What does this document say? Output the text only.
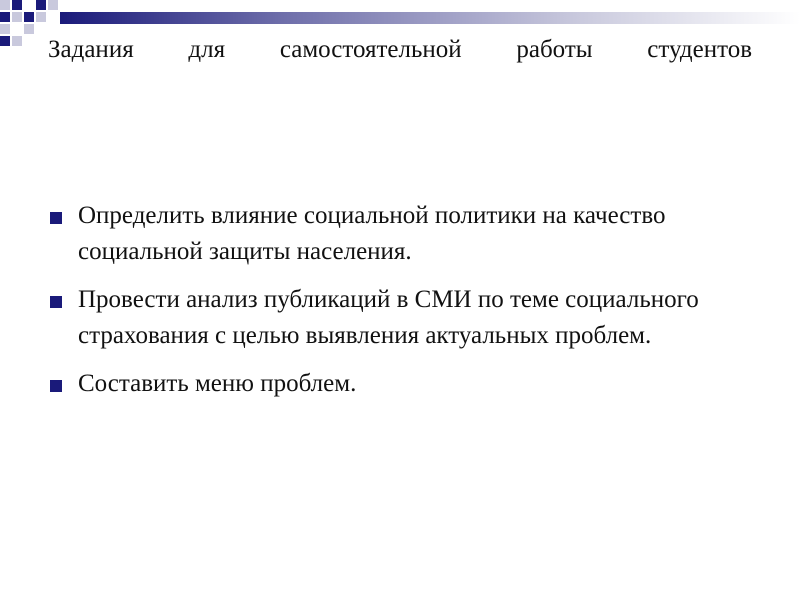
Задания для самостоятельной работы студентов
Определить влияние социальной политики на качество социальной защиты населения.
Провести анализ публикаций в СМИ по теме социального страхования с целью выявления актуальных проблем.
Составить меню проблем.
